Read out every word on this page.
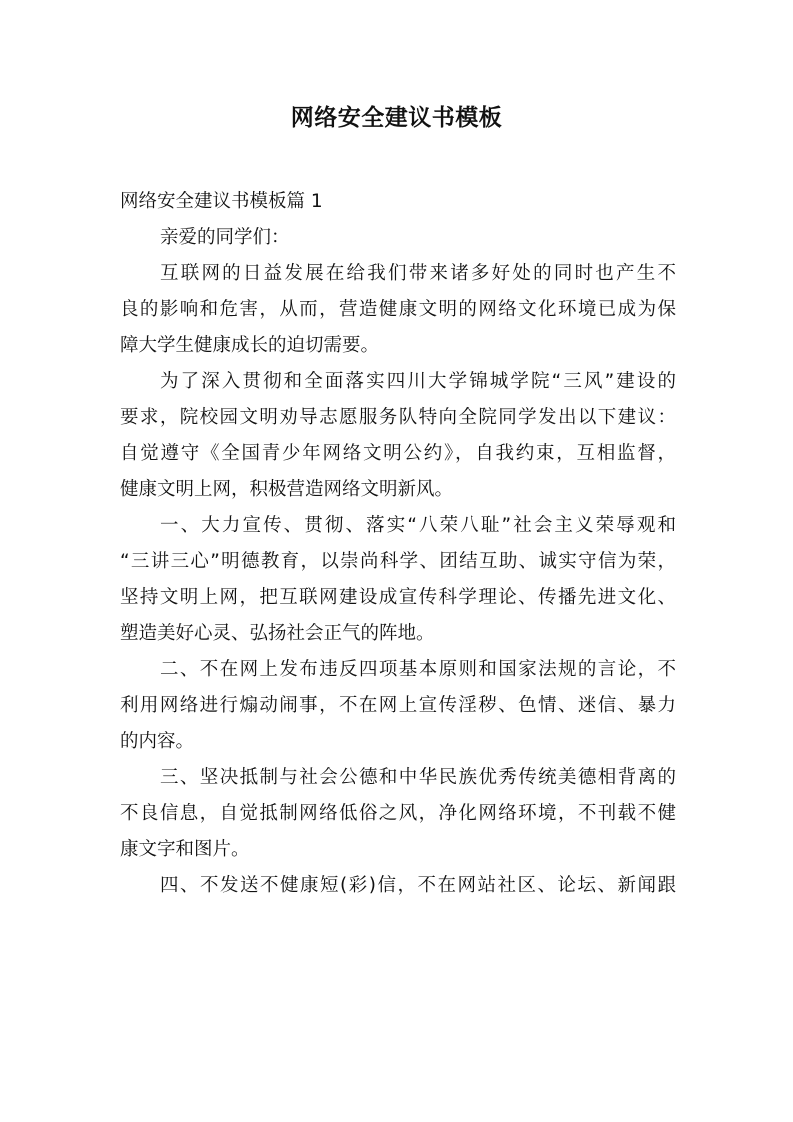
网络安全建议书模板
网络安全建议书模板篇 1
亲爱的同学们：
互联网的日益发展在给我们带来诸多好处的同时也产生不
良的影响和危害，从而，营造健康文明的网络文化环境已成为保
障大学生健康成长的迫切需要。
为了深入贯彻和全面落实四川大学锦城学院“三风”建设的
要求，院校园文明劝导志愿服务队特向全院同学发出以下建议：
自觉遵守《全国青少年网络文明公约》，自我约束，互相监督，
健康文明上网，积极营造网络文明新风。
一、大力宣传、贯彻、落实“八荣八耻”社会主义荣辱观和
“三讲三心”明德教育，以崇尚科学、团结互助、诚实守信为荣，
坚持文明上网，把互联网建设成宣传科学理论、传播先进文化、
塑造美好心灵、弘扬社会正气的阵地。
二、不在网上发布违反四项基本原则和国家法规的言论，不
利用网络进行煽动闹事，不在网上宣传淫秽、色情、迷信、暴力
的内容。
三、坚决抵制与社会公德和中华民族优秀传统美德相背离的
不良信息，自觉抵制网络低俗之风，净化网络环境，不刊载不健
康文字和图片。
四、不发送不健康短(彩)信，不在网站社区、论坛、新闻跟
